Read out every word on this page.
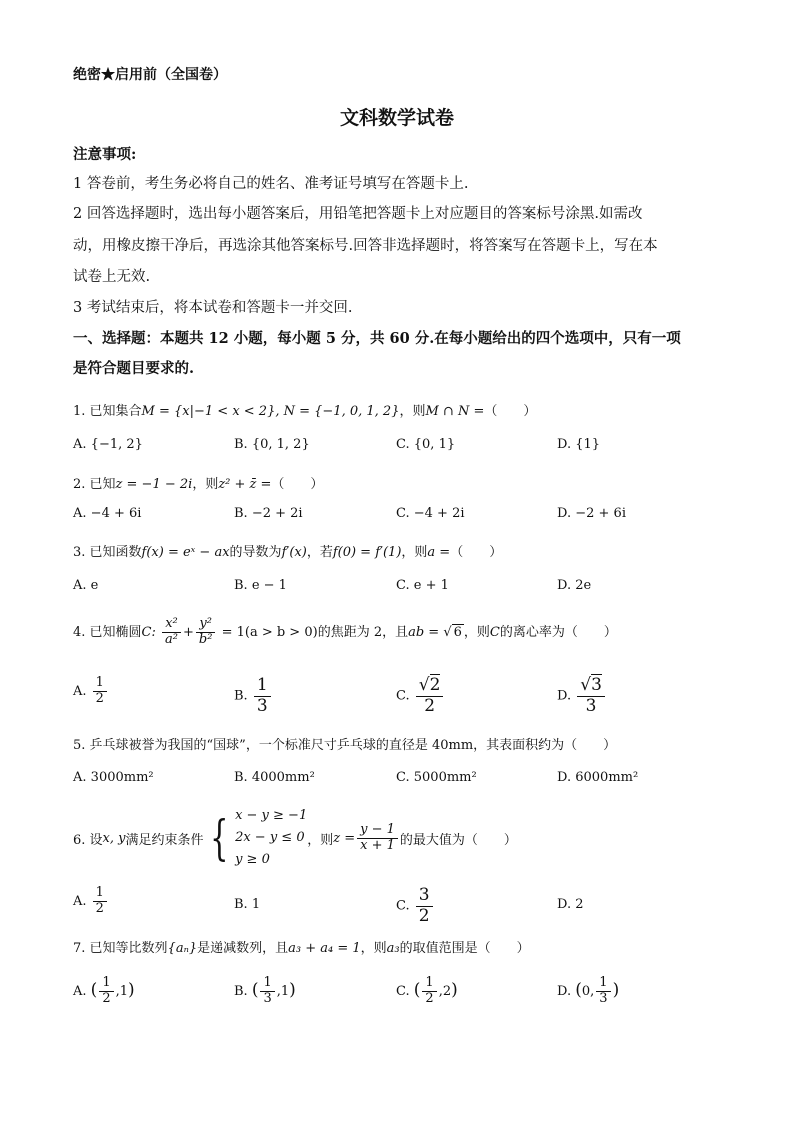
绝密★启用前（全国卷）
文科数学试卷
注意事项:
1 答卷前，考生务必将自己的姓名、准考证号填写在答题卡上.
2 回答选择题时，选出每小题答案后，用铅笔把答题卡上对应题目的答案标号涂黑.如需改
动，用橡皮擦干净后，再选涂其他答案标号.回答非选择题时，将答案写在答题卡上，写在本
试卷上无效.
3 考试结束后，将本试卷和答题卡一并交回.
一、选择题：本题共 12 小题，每小题 5 分，共 60 分.在每小题给出的四个选项中，只有一项
是符合题目要求的.
1. 已知集合M = {x|−1 < x < 2}, N = {−1, 0, 1, 2}，则M ∩ N =（　　）
A. {−1, 2}	B. {0, 1, 2}	C. {0, 1}	D. {1}
2. 已知z = −1 − 2i，则z² + z̄ =（　　）
A. −4 + 6i	B. −2 + 2i	C. −4 + 2i	D. −2 + 6i
3. 已知函数f(x) = eˣ − ax的导数为f′(x)，若f(0) = f′(1)，则a =（　　）
A. e	B. e − 1	C. e + 1	D. 2e
4. 已知椭圆C: $\frac{\text{x²}}{\text{a²}} + \frac{\text{y²}}{\text{b²}} = 1(a > b > 0)$的焦距为 2，且ab = √ 6 ，则C的离心率为（　　）
A. $\frac{1}{2}$	B. $\frac{1}{3}$	C. $\frac{√2}{2}$	D. $\frac{√3}{3}$
5. 乒乓球被誉为我国的“国球”，一个标准尺寸乒乓球的直径是 40mm，其表面积约为（　　）
A. 3000mm²	B. 4000mm²	C. 5000mm²	D. 6000mm²
6. 设 x, y 满足约束条件 { x − y ≥ −1
2x − y ≤ 0
y ≥ 0
，则 $z = \frac{y - 1}{x + 1}$ 的最大值为（　　）
A. $\frac{1}{2}$	B. 1	C. $\frac{3}{2}$	D. 2
7. 已知等比数列{aₙ}是递减数列，且a₃ + a₄ = 1，则a₃的取值范围是（　　）
A. ( $\frac{1}{2} ,1$)	B. ( $\frac{1}{3} ,1$)	C. ( $\frac{1}{2} ,2$)	D. (0, $\frac{1}{3}$ )
